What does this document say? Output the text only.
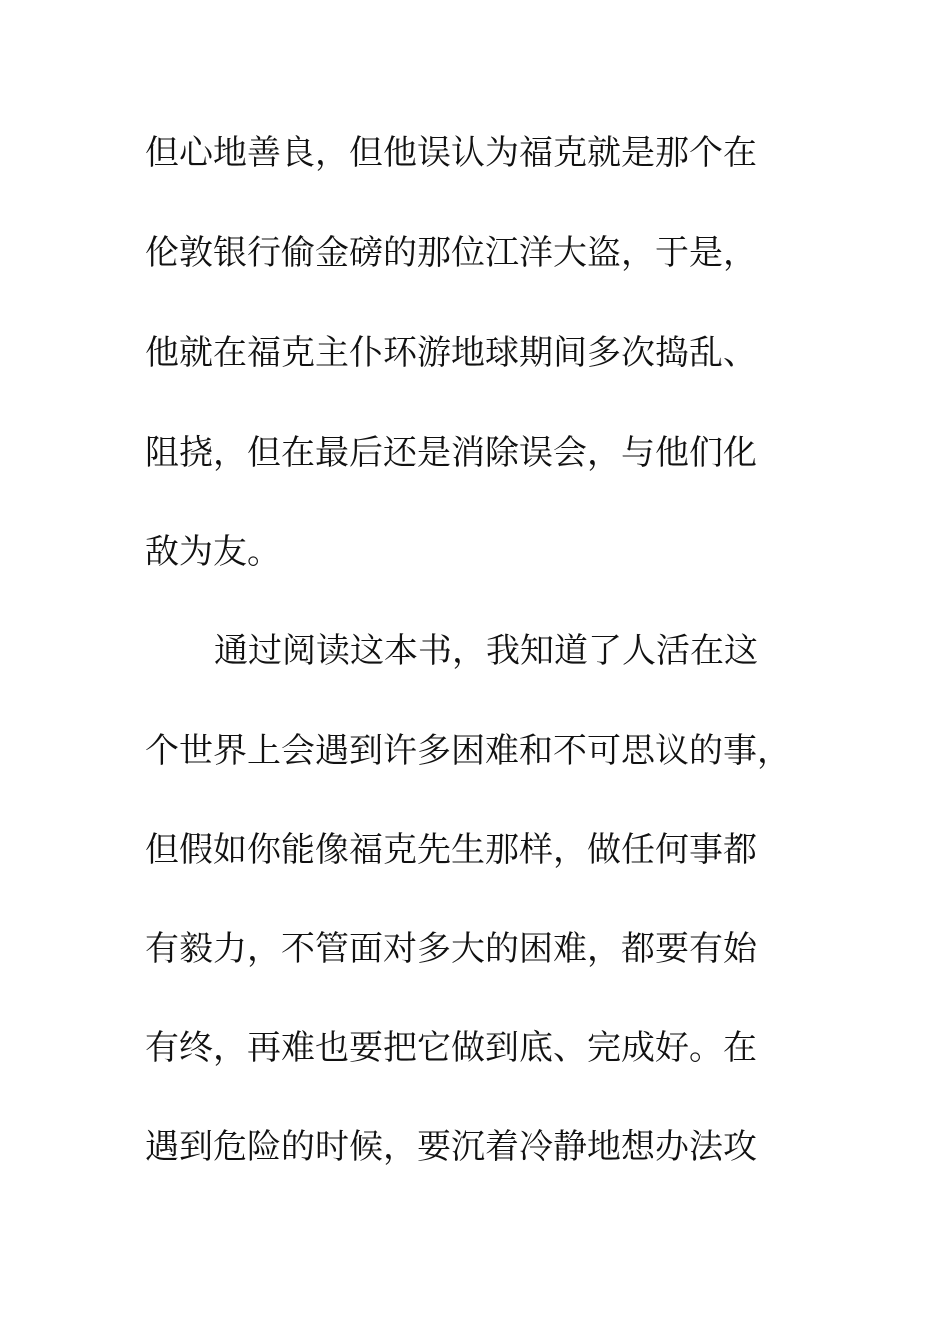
但心地善良，但他误认为福克就是那个在
伦敦银行偷金磅的那位江洋大盗，于是，
他就在福克主仆环游地球期间多次捣乱、
阻挠，但在最后还是消除误会，与他们化
敌为友。
通过阅读这本书，我知道了人活在这
个世界上会遇到许多困难和不可思议的事，
但假如你能像福克先生那样，做任何事都
有毅力，不管面对多大的困难，都要有始
有终，再难也要把它做到底、完成好。在
遇到危险的时候，要沉着冷静地想办法攻
